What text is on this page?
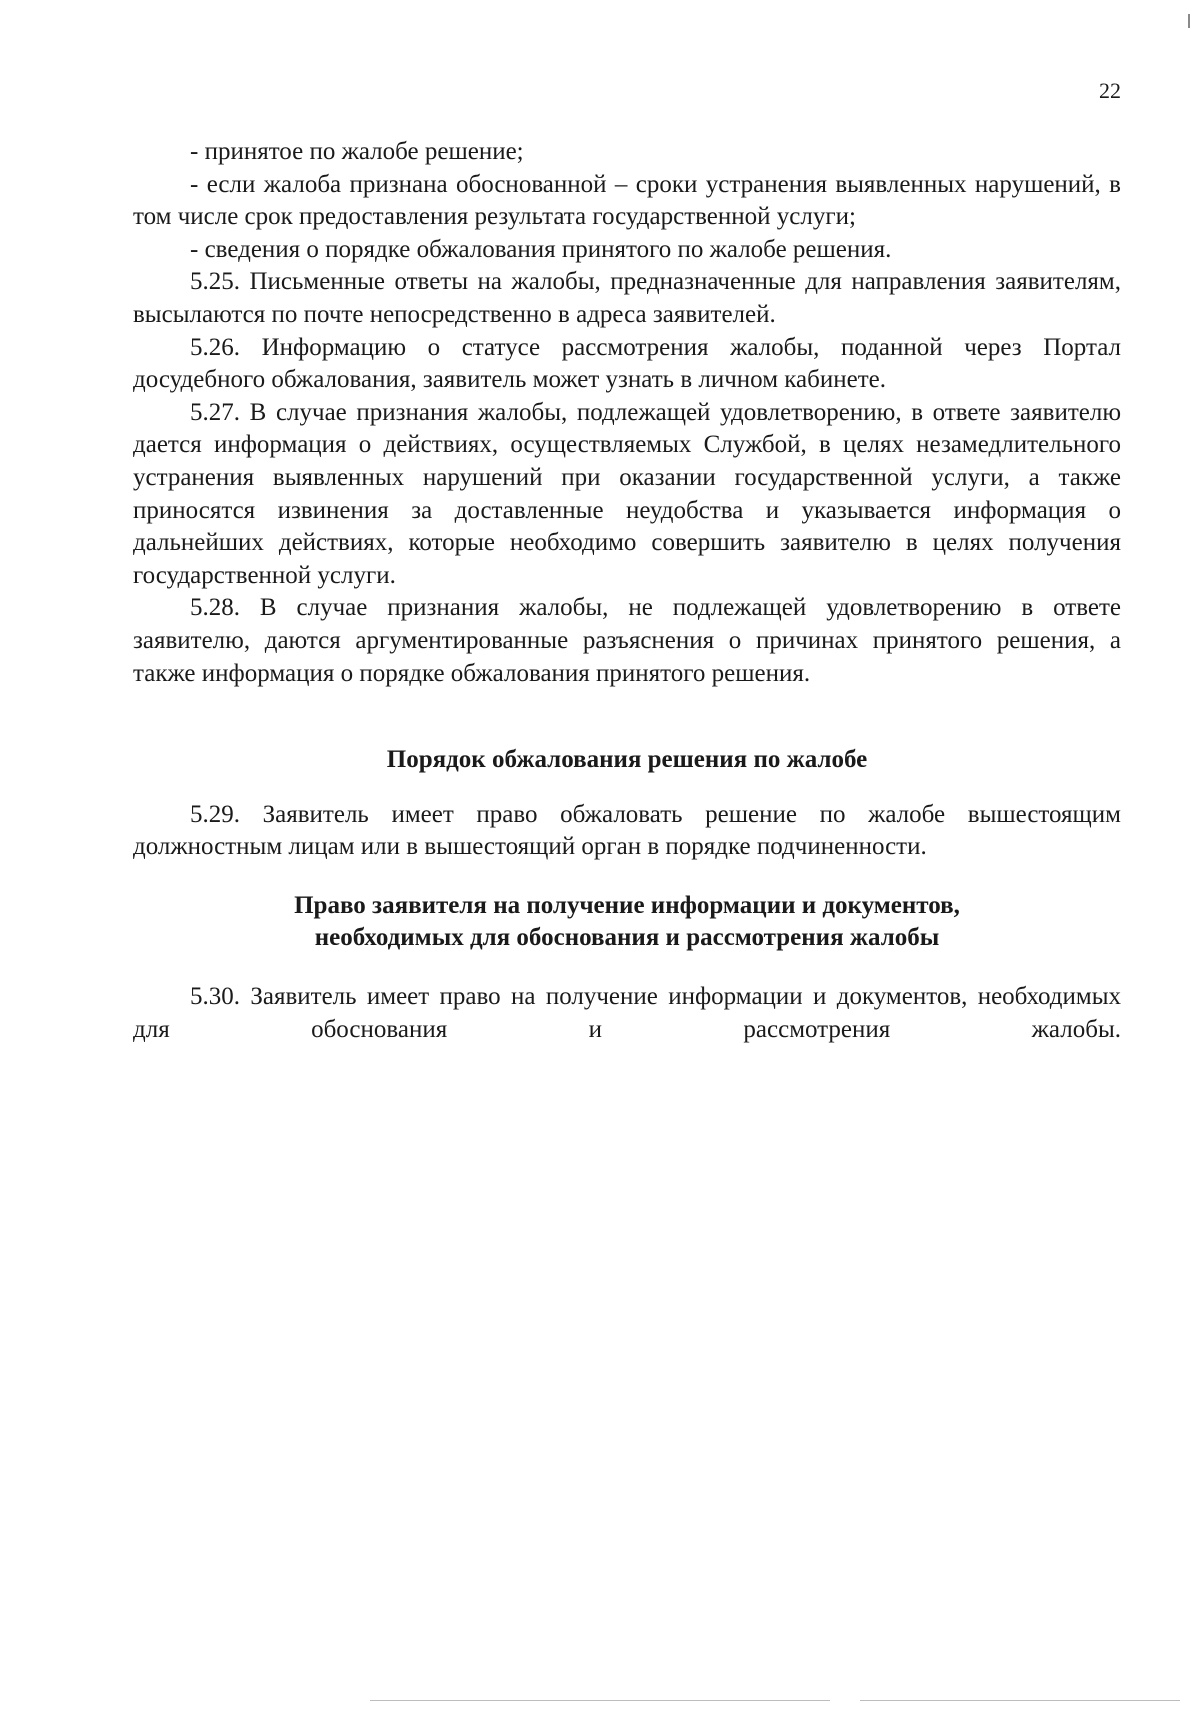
22

- принятое по жалобе решение;

- если жалоба признана обоснованной – сроки устранения выявленных нарушений, в том числе срок предоставления результата государственной услуги;

- сведения о порядке обжалования принятого по жалобе решения.

5.25. Письменные ответы на жалобы, предназначенные для направления заявителям, высылаются по почте непосредственно в адреса заявителей.

5.26. Информацию о статусе рассмотрения жалобы, поданной через Портал досудебного обжалования, заявитель может узнать в личном кабинете.

5.27. В случае признания жалобы, подлежащей удовлетворению, в ответе заявителю дается информация о действиях, осуществляемых Службой, в целях незамедлительного устранения выявленных нарушений при оказании государственной услуги, а также приносятся извинения за доставленные неудобства и указывается информация о дальнейших действиях, которые необходимо совершить заявителю в целях получения государственной услуги.

5.28. В случае признания жалобы, не подлежащей удовлетворению в ответе заявителю, даются аргументированные разъяснения о причинах принятого решения, а также информация о порядке обжалования принятого решения.

Порядок обжалования решения по жалобе

5.29. Заявитель имеет право обжаловать решение по жалобе вышестоящим должностным лицам или в вышестоящий орган в порядке подчиненности.

Право заявителя на получение информации и документов,

необходимых для обоснования и рассмотрения жалобы

5.30. Заявитель имеет право на получение информации и документов, необходимых для обоснования и рассмотрения жалобы.
